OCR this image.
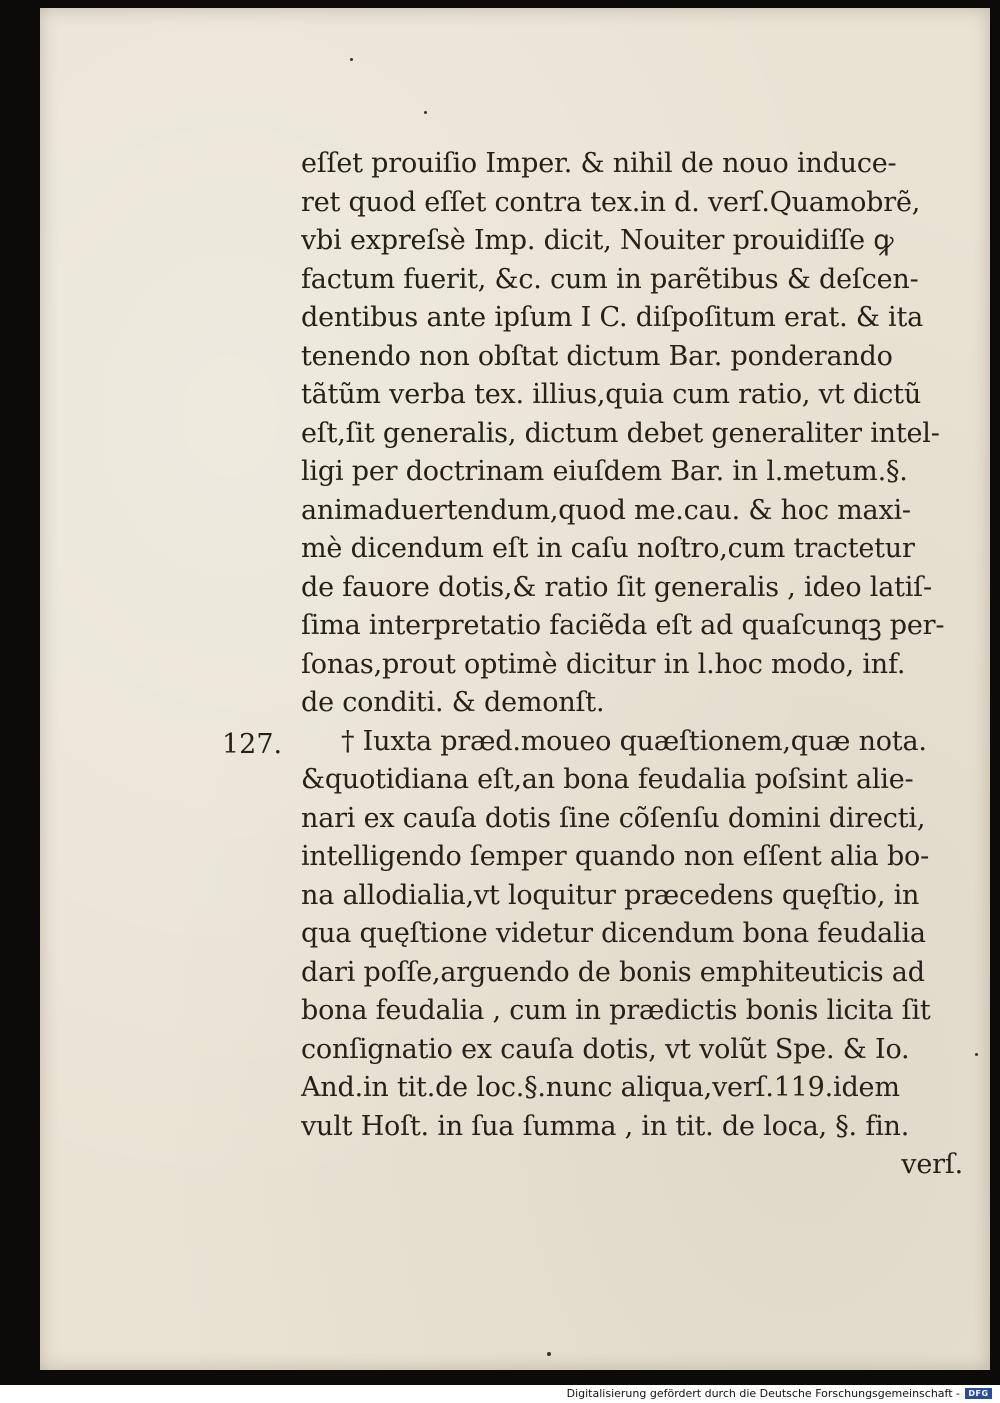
127.
eſſet prouiſio Imper. & nihil de nouo induce-
ret quod eſſet contra tex.in d. verſ.Quamobrẽ,
vbi expreſsè Imp. dicit, Nouiter prouidiſſe ꝙ
factum fuerit, &c. cum in parẽtibus & deſcen-
dentibus ante ipſum I C. diſpoſitum erat. & ita
tenendo non obſtat dictum Bar. ponderando
tãtũm verba tex. illius,quia cum ratio, vt dictũ
eſt,ſit generalis, dictum debet generaliter intel-
ligi per doctrinam eiuſdem Bar. in l.metum.§.
animaduertendum,quod me.cau. & hoc maxi-
mè dicendum eſt in caſu noſtro,cum tractetur
de fauore dotis,& ratio ſit generalis , ideo latiſ-
ſima interpretatio faciẽda eſt ad quaſcunqꝫ per-
ſonas,prout optimè dicitur in l.hoc modo, inf.
de conditi. & demonſt.
† Iuxta præd.moueo quæſtionem,quæ nota.
&quotidiana eſt,an bona feudalia poſsint alie-
nari ex cauſa dotis ſine cõſenſu domini directi,
intelligendo ſemper quando non eſſent alia bo-
na allodialia,vt loquitur præcedens quęſtio, in
qua quęſtione videtur dicendum bona feudalia
dari poſſe,arguendo de bonis emphiteuticis ad
bona feudalia , cum in prædictis bonis licita ſit
conſignatio ex cauſa dotis, vt volũt Spe. & Io.
And.in tit.de loc.§.nunc aliqua,verſ.119.idem
vult Hoſt. in ſua ſumma , in tit. de loca, §. fin.
verſ.
Digitalisierung gefördert durch die Deutsche Forschungsgemeinschaft -	DFG
